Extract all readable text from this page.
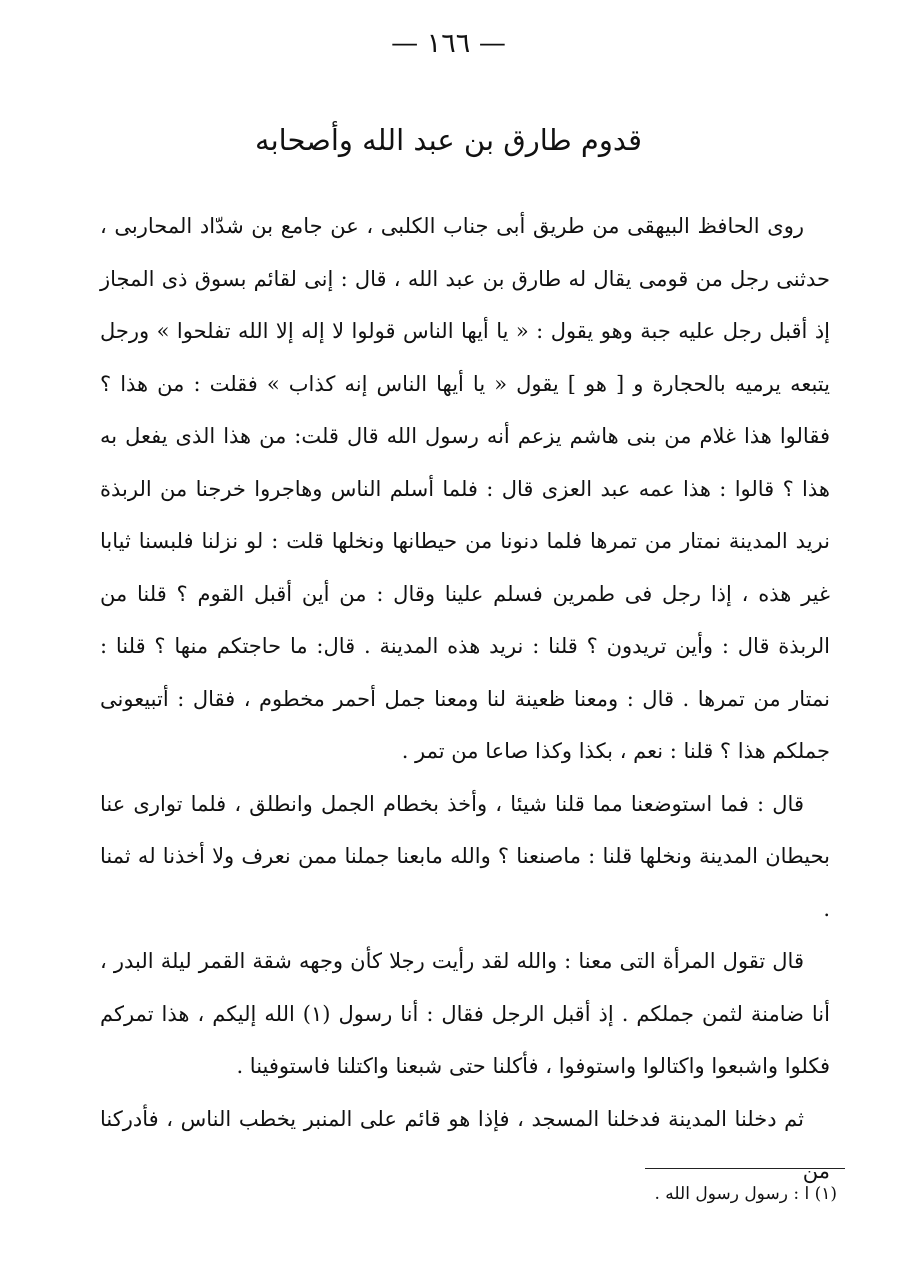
— ١٦٦ —
قدوم طارق بن عبد الله وأصحابه

روى الحافظ البيهقى من طريق أبى جناب الكلبى ، عن جامع بن شدّاد المحاربى ، حدثنى رجل من قومى يقال له طارق بن عبد الله ، قال : إنى لقائم بسوق ذى المجاز إذ أقبل رجل عليه جبة وهو يقول : « يا أيها الناس قولوا لا إله إلا الله تفلحوا » ورجل يتبعه يرميه بالحجارة و [ هو ] يقول « يا أيها الناس إنه كذاب » فقلت : من هذا ؟ فقالوا هذا غلام من بنى هاشم يزعم أنه رسول الله قال قلت: من هذا الذى يفعل به هذا ؟ قالوا : هذا عمه عبد العزى قال : فلما أسلم الناس وهاجروا خرجنا من الربذة نريد المدينة نمتار من تمرها فلما دنونا من حيطانها ونخلها قلت : لو نزلنا فلبسنا ثيابا غير هذه ، إذا رجل فى طمرين فسلم علينا وقال : من أين أقبل القوم ؟ قلنا من الربذة قال : وأين تريدون ؟ قلنا : نريد هذه المدينة . قال: ما حاجتكم منها ؟ قلنا : نمتار من تمرها . قال : ومعنا ظعينة لنا ومعنا جمل أحمر مخطوم ، فقال : أتبيعونى جملكم هذا ؟ قلنا : نعم ، بكذا وكذا صاعا من تمر .

قال : فما استوضعنا مما قلنا شيئا ، وأخذ بخطام الجمل وانطلق ، فلما توارى عنا بحيطان المدينة ونخلها قلنا : ماصنعنا ؟ والله مابعنا جملنا ممن نعرف ولا أخذنا له ثمنا .

قال تقول المرأة التى معنا : والله لقد رأيت رجلا كأن وجهه شقة القمر ليلة البدر ، أنا ضامنة لثمن جملكم . إذ أقبل الرجل فقال : أنا رسول (١) الله إليكم ، هذا تمركم فكلوا واشبعوا واكتالوا واستوفوا ، فأكلنا حتى شبعنا واكتلنا فاستوفينا .

ثم دخلنا المدينة فدخلنا المسجد ، فإذا هو قائم على المنبر يخطب الناس ، فأدركنا من

(١) ا : رسول رسول الله .
